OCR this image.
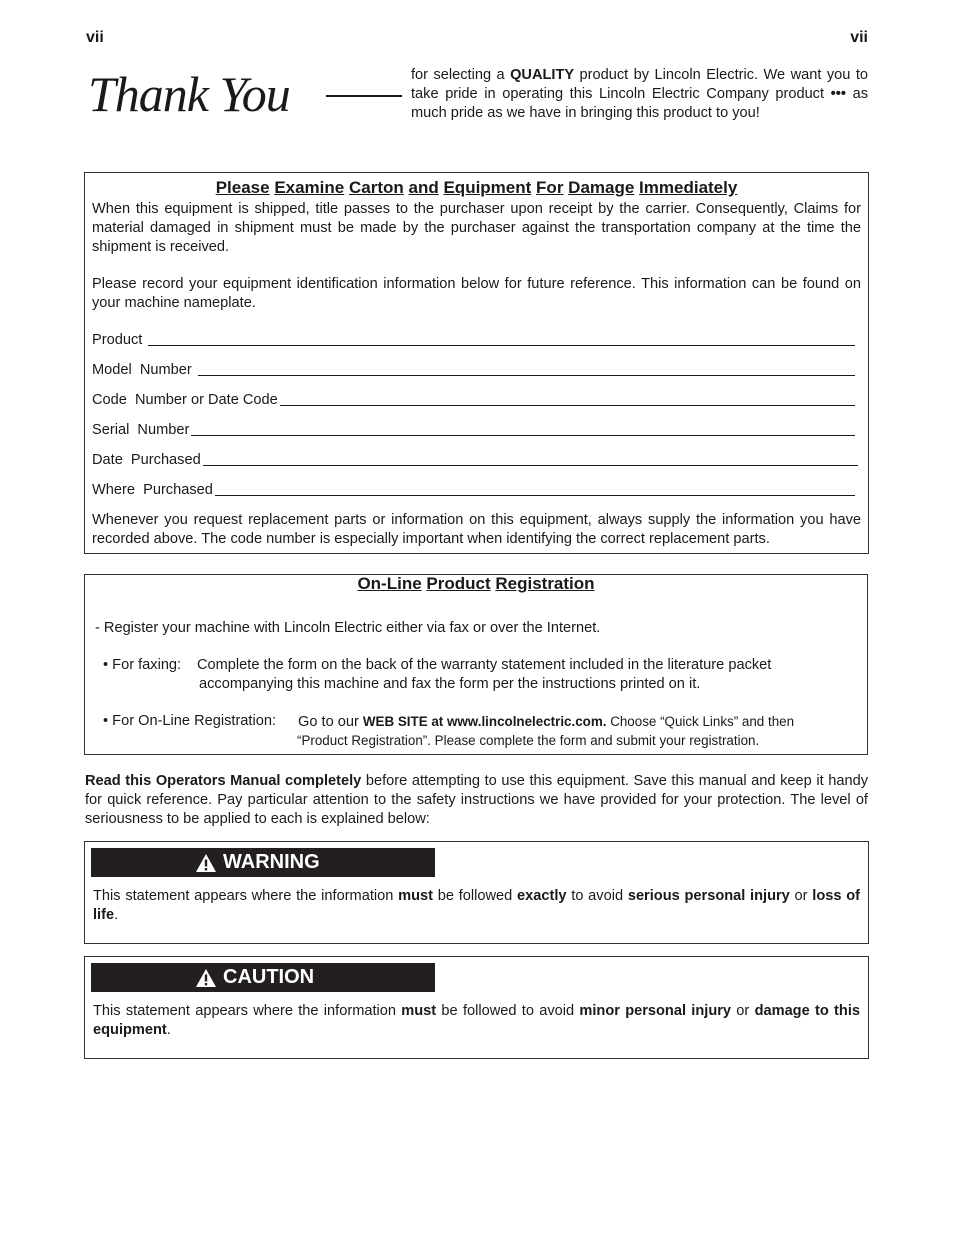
vii	vii
Thank You	for selecting a QUALITY product by Lincoln Electric. We want you to take pride in operating this Lincoln Electric Company product ••• as much pride as we have in bringing this product to you!
Please Examine Carton and Equipment For Damage Immediately

When this equipment is shipped, title passes to the purchaser upon receipt by the carrier. Consequently, Claims for material damaged in shipment must be made by the purchaser against the transportation company at the time the shipment is received.

Please record your equipment identification information below for future reference. This information can be found on your machine nameplate.

Product
Model  Number
Code  Number or Date Code
Serial  Number
Date  Purchased
Where  Purchased

Whenever you request replacement parts or information on this equipment, always supply the information you have recorded above. The code number is especially important when identifying the correct replacement parts.

On-Line Product Registration
- Register your machine with Lincoln Electric either via fax or over the Internet.
• For faxing: Complete the form on the back of the warranty statement included in the literature packet
accompanying this machine and fax the form per the instructions printed on it.
• For On-Line Registration: Go to our WEB SITE at www.lincolnelectric.com. Choose “Quick Links” and then
“Product Registration”. Please complete the form and submit your registration.
Read this Operators Manual completely before attempting to use this equipment. Save this manual and keep it handy for quick reference. Pay particular attention to the safety instructions we have provided for your protection. The level of seriousness to be applied to each is explained below:
WARNING
This statement appears where the information must be followed exactly to avoid serious personal injury or loss of life.
CAUTION
This statement appears where the information must be followed to avoid minor personal injury or damage to this equipment.
